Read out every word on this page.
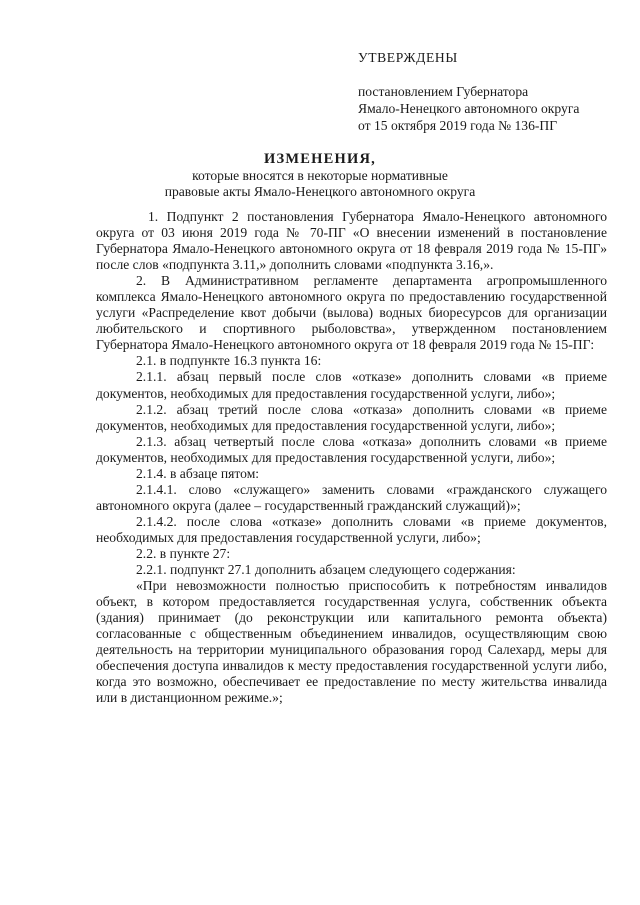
УТВЕРЖДЕНЫ
постановлением Губернатора
Ямало-Ненецкого автономного округа
от 15 октября 2019 года № 136-ПГ
ИЗМЕНЕНИЯ,
которые вносятся в некоторые нормативные
правовые акты Ямало-Ненецкого автономного округа

1. Подпункт 2 постановления Губернатора Ямало-Ненецкого автономного округа от 03 июня 2019 года № 70-ПГ «О внесении изменений в постановление Губернатора Ямало-Ненецкого автономного округа от 18 февраля 2019 года № 15-ПГ» после слов «подпункта 3.11,» дополнить словами «подпункта 3.16,».

2. В Административном регламенте департамента агропромышленного комплекса Ямало-Ненецкого автономного округа по предоставлению государственной услуги «Распределение квот добычи (вылова) водных биоресурсов для организации любительского и спортивного рыболовства», утвержденном постановлением Губернатора Ямало-Ненецкого автономного округа от 18 февраля 2019 года № 15-ПГ:

2.1. в подпункте 16.3 пункта 16:

2.1.1. абзац первый после слов «отказе» дополнить словами «в приеме документов, необходимых для предоставления государственной услуги, либо»;

2.1.2. абзац третий после слова «отказа» дополнить словами «в приеме документов, необходимых для предоставления государственной услуги, либо»;

2.1.3. абзац четвертый после слова «отказа» дополнить словами «в приеме документов, необходимых для предоставления государственной услуги, либо»;

2.1.4. в абзаце пятом:

2.1.4.1. слово «служащего» заменить словами «гражданского служащего автономного округа (далее – государственный гражданский служащий)»;

2.1.4.2. после слова «отказе» дополнить словами «в приеме документов, необходимых для предоставления государственной услуги, либо»;

2.2. в пункте 27:

2.2.1. подпункт 27.1 дополнить абзацем следующего содержания:

«При невозможности полностью приспособить к потребностям инвалидов объект, в котором предоставляется государственная услуга, собственник объекта (здания) принимает (до реконструкции или капитального ремонта объекта) согласованные с общественным объединением инвалидов, осуществляющим свою деятельность на территории муниципального образования город Салехард, меры для обеспечения доступа инвалидов к месту предоставления государственной услуги либо, когда это возможно, обеспечивает ее предоставление по месту жительства инвалида или в дистанционном режиме.»;
